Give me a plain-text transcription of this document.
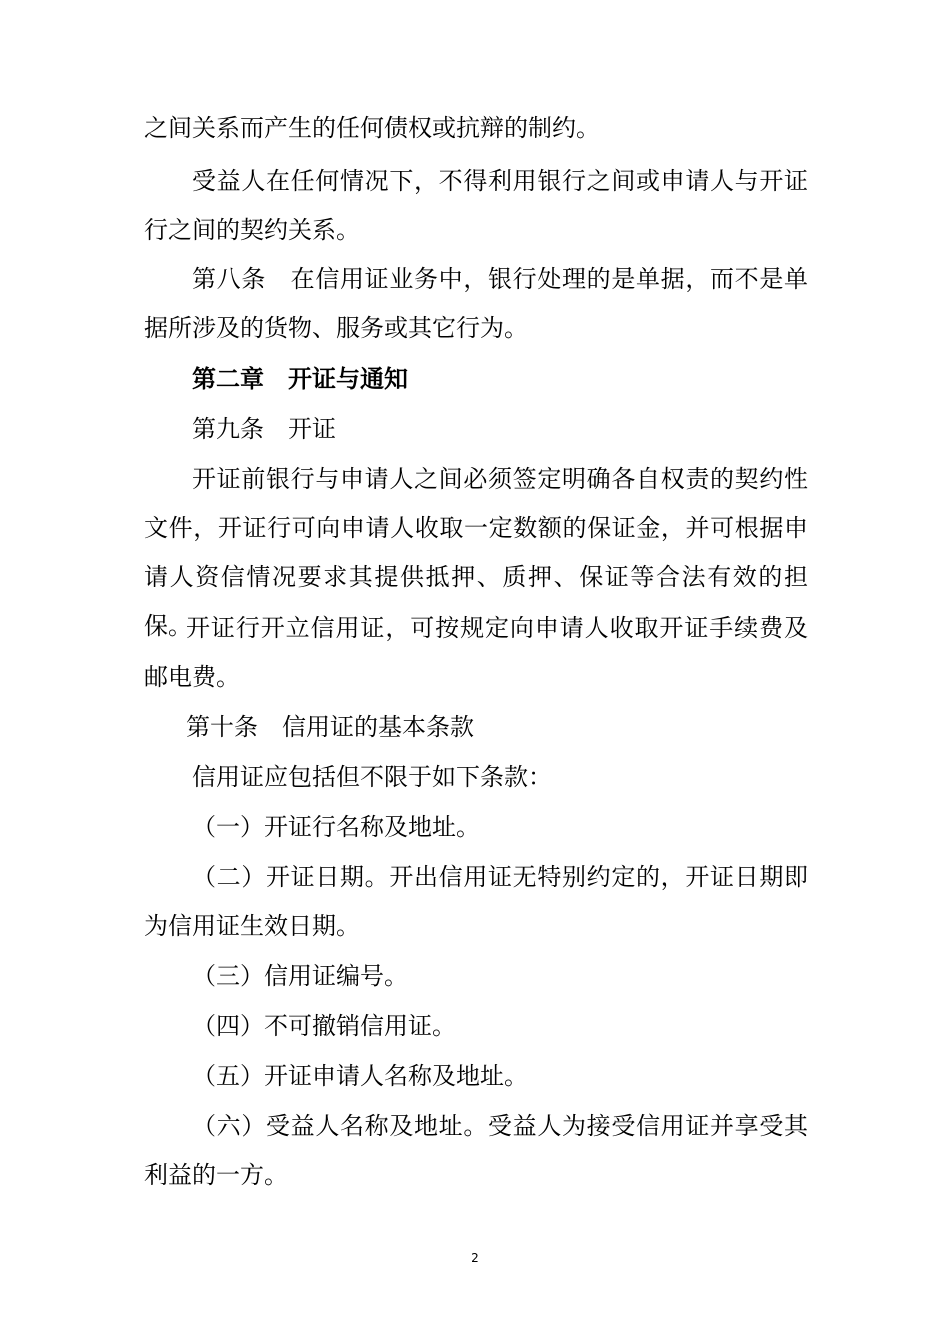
之间关系而产生的任何债权或抗辩的制约。

受益人在任何情况下，不得利用银行之间或申请人与开证行之间的契约关系。

第八条　在信用证业务中，银行处理的是单据，而不是单据所涉及的货物、服务或其它行为。

第二章　开证与通知

第九条　开证

开证前银行与申请人之间必须签定明确各自权责的契约性文件，开证行可向申请人收取一定数额的保证金，并可根据申请人资信情况要求其提供抵押、质押、保证等合法有效的担保。

开证行开立信用证，可按规定向申请人收取开证手续费及邮电费。

第十条　信用证的基本条款

信用证应包括但不限于如下条款：

（一）开证行名称及地址。

（二）开证日期。开出信用证无特别约定的，开证日期即为信用证生效日期。

（三）信用证编号。

（四）不可撤销信用证。

（五）开证申请人名称及地址。

（六）受益人名称及地址。受益人为接受信用证并享受其利益的一方。

2
